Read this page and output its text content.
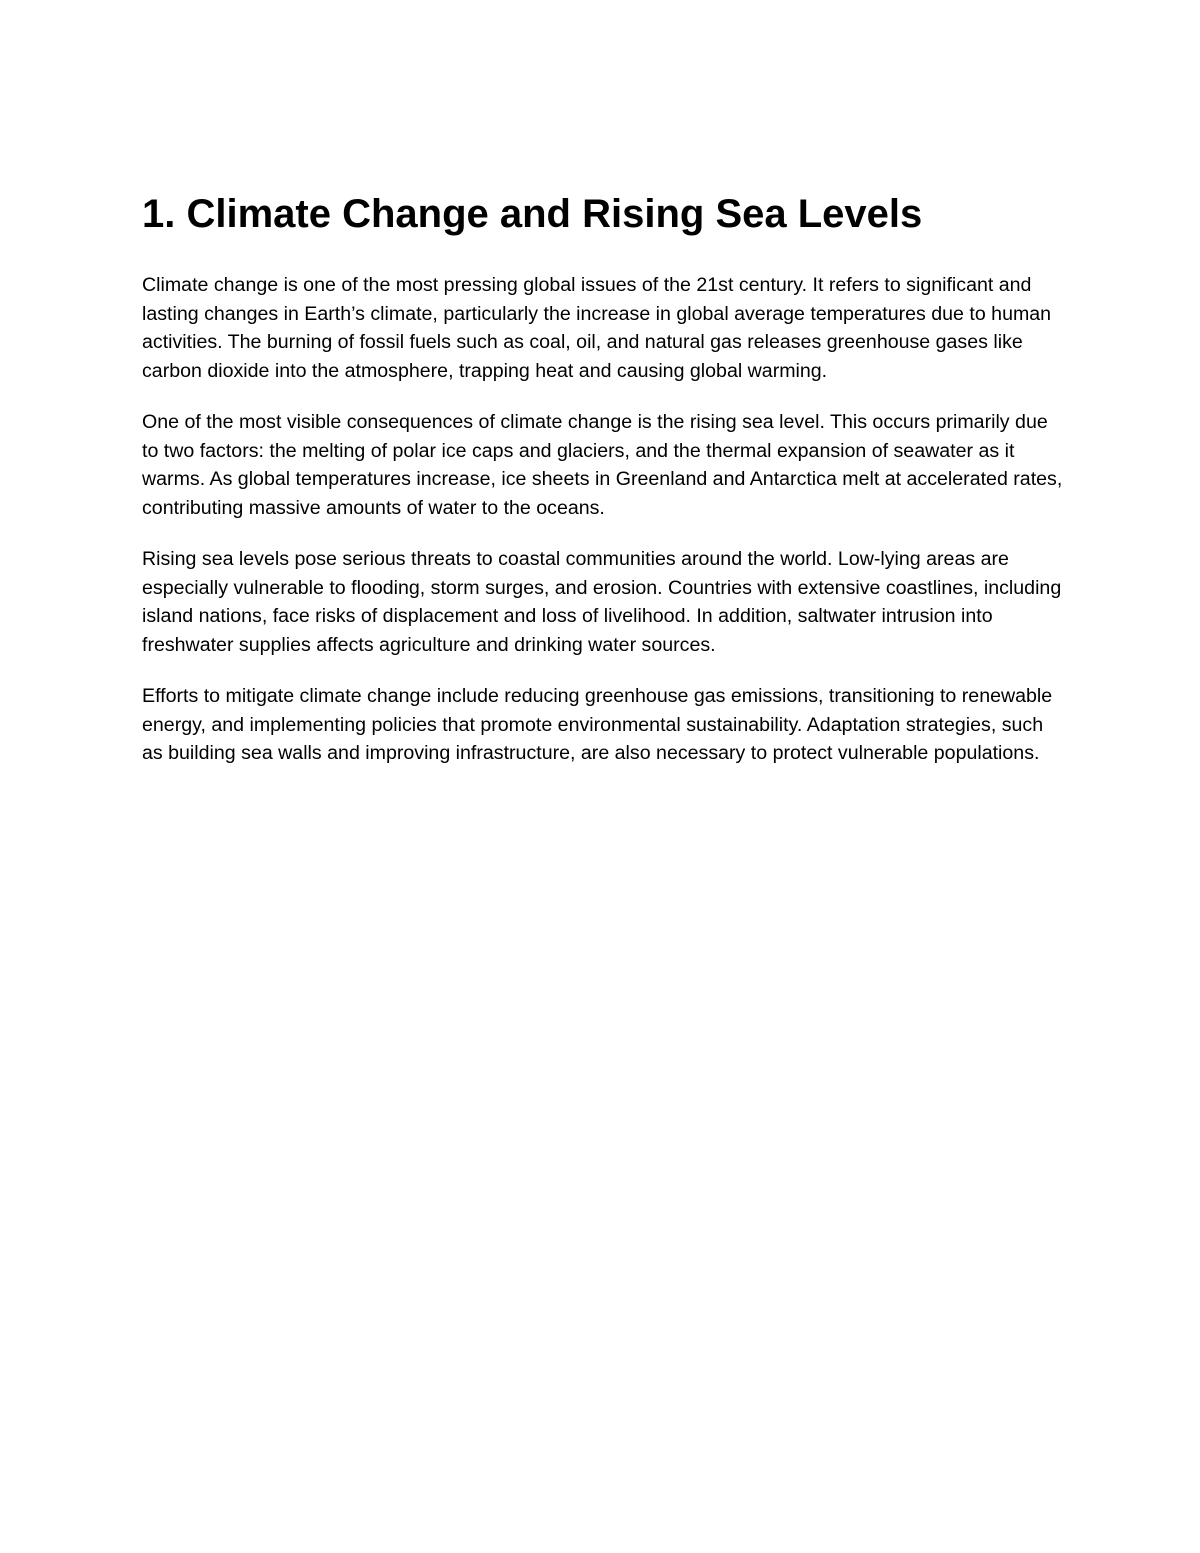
1. Climate Change and Rising Sea Levels

Climate change is one of the most pressing global issues of the 21st century. It refers to significant and lasting changes in Earth’s climate, particularly the increase in global average temperatures due to human activities. The burning of fossil fuels such as coal, oil, and natural gas releases greenhouse gases like carbon dioxide into the atmosphere, trapping heat and causing global warming.

One of the most visible consequences of climate change is the rising sea level. This occurs primarily due to two factors: the melting of polar ice caps and glaciers, and the thermal expansion of seawater as it warms. As global temperatures increase, ice sheets in Greenland and Antarctica melt at accelerated rates, contributing massive amounts of water to the oceans.

Rising sea levels pose serious threats to coastal communities around the world. Low-lying areas are especially vulnerable to flooding, storm surges, and erosion. Countries with extensive coastlines, including island nations, face risks of displacement and loss of livelihood. In addition, saltwater intrusion into freshwater supplies affects agriculture and drinking water sources.

Efforts to mitigate climate change include reducing greenhouse gas emissions, transitioning to renewable energy, and implementing policies that promote environmental sustainability. Adaptation strategies, such as building sea walls and improving infrastructure, are also necessary to protect vulnerable populations.
